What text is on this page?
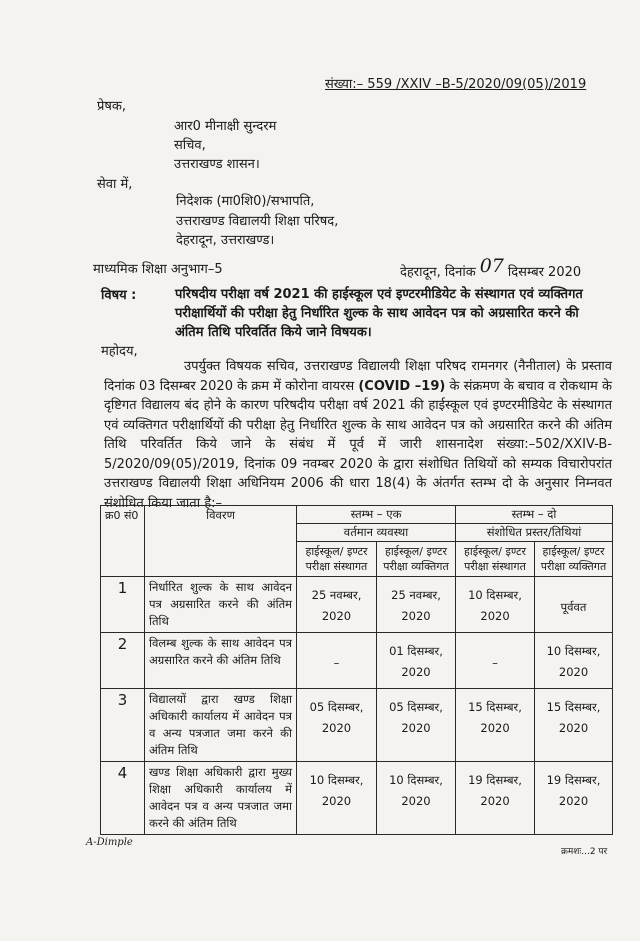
संख्या:– 559 /XXIV –B-5/2020/09(05)/2019
प्रेषक,
आर0 मीनाक्षी सुन्दरम
सचिव,
उत्तराखण्ड शासन।
सेवा में,
निदेशक (मा0शि0)/सभापति,
उत्तराखण्ड विद्यालयी शिक्षा परिषद,
देहरादून, उत्तराखण्ड।
माध्यमिक शिक्षा अनुभाग–5	देहरादून, दिनांक 07 दिसम्बर 2020
विषय :	परिषदीय परीक्षा वर्ष 2021 की हाईस्कूल एवं इण्टरमीडियेट के संस्थागत एवं व्यक्तिगत परीक्षार्थियों की परीक्षा हेतु निर्धारित शुल्क के साथ आवेदन पत्र को अग्रसारित करने की अंतिम तिथि परिवर्तित किये जाने विषयक।
महोदय,
उपर्युक्त विषयक सचिव, उत्तराखण्ड विद्यालयी शिक्षा परिषद रामनगर (नैनीताल) के प्रस्ताव दिनांक 03 दिसम्बर 2020 के क्रम में कोरोना वायरस (COVID –19) के संक्रमण के बचाव व रोकथाम के दृष्टिगत विद्यालय बंद होने के कारण परिषदीय परीक्षा वर्ष 2021 की हाईस्कूल एवं इण्टरमीडियेट के संस्थागत एवं व्यक्तिगत परीक्षार्थियों की परीक्षा हेतु निर्धारित शुल्क के साथ आवेदन पत्र को अग्रसारित करने की अंतिम तिथि परिवर्तित किये जाने के संबंध में पूर्व में जारी शासनादेश संख्या:–502/XXIV-B-5/2020/09(05)/2019, दिनांक 09 नवम्बर 2020 के द्वारा संशोधित तिथियों को सम्यक विचारोपरांत उत्तराखण्ड विद्यालयी शिक्षा अधिनियम 2006 की धारा 18(4) के अंतर्गत स्तम्भ दो के अनुसार निम्नवत संशोधित किया जाता है:–
क्र0 सं0	विवरण	स्तम्भ – एक		स्तम्भ – दो	
		वर्तमान व्यवस्था		संशोधित प्रस्तर/तिथियां	
		हाईस्कूल/ इण्टर परीक्षा संस्थागत	हाईस्कूल/ इण्टर परीक्षा व्यक्तिगत	हाईस्कूल/ इण्टर परीक्षा संस्थागत	हाईस्कूल/ इण्टर परीक्षा व्यक्तिगत
1	निर्धारित शुल्क के साथ आवेदन पत्र अग्रसारित करने की अंतिम तिथि	25 नवम्बर, 2020	25 नवम्बर, 2020	10 दिसम्बर, 2020	पूर्ववत
2	विलम्ब शुल्क के साथ आवेदन पत्र अग्रसारित करने की अंतिम तिथि	–	01 दिसम्बर, 2020	–	10 दिसम्बर, 2020
3	विद्यालयों द्वारा खण्ड शिक्षा अधिकारी कार्यालय में आवेदन पत्र व अन्य पत्रजात जमा करने की अंतिम तिथि	05 दिसम्बर, 2020	05 दिसम्बर, 2020	15 दिसम्बर, 2020	15 दिसम्बर, 2020
4	खण्ड शिक्षा अधिकारी द्वारा मुख्य शिक्षा अधिकारी कार्यालय में आवेदन पत्र व अन्य पत्रजात जमा करने की अंतिम तिथि	10 दिसम्बर, 2020	10 दिसम्बर, 2020	19 दिसम्बर, 2020	19 दिसम्बर, 2020
A-Dimple
क्रमशः...2 पर
